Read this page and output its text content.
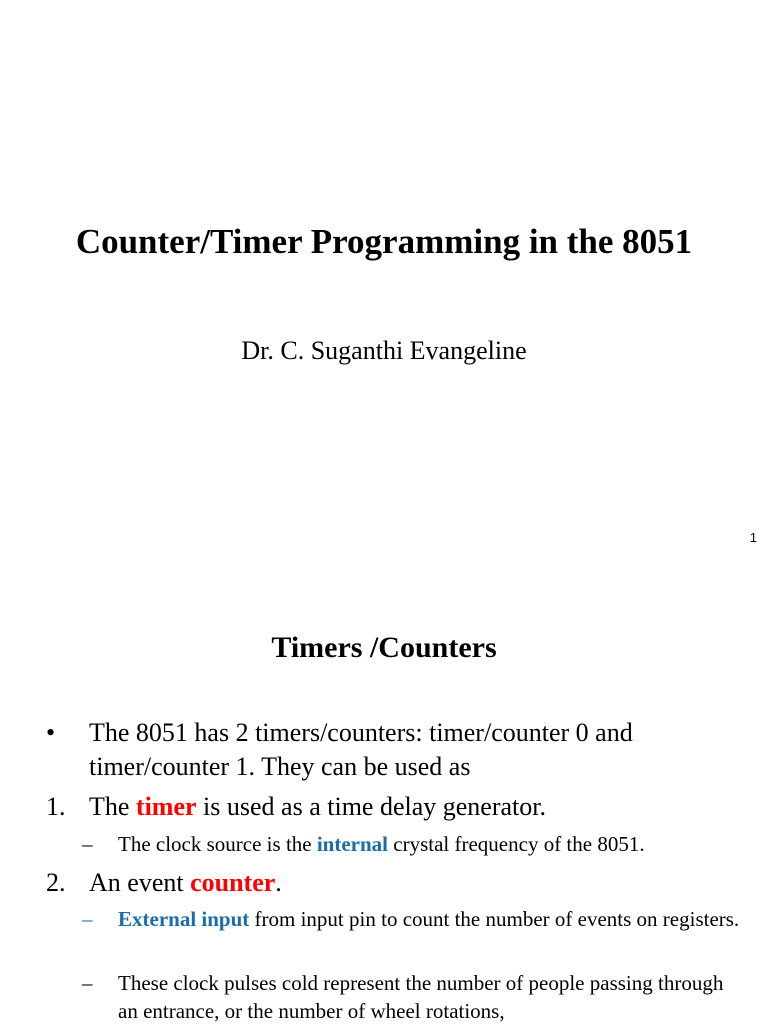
Counter/Timer Programming in the 8051
Dr. C. Suganthi Evangeline
1
Timers /Counters
• The 8051 has 2 timers/counters: timer/counter 0 and timer/counter 1. They can be used as
1. The timer is used as a time delay generator.
– The clock source is the internal crystal frequency of the 8051.
2. An event counter.
– External input from input pin to count the number of events on registers.
– These clock pulses cold represent the number of people passing through an entrance, or the number of wheel rotations,
